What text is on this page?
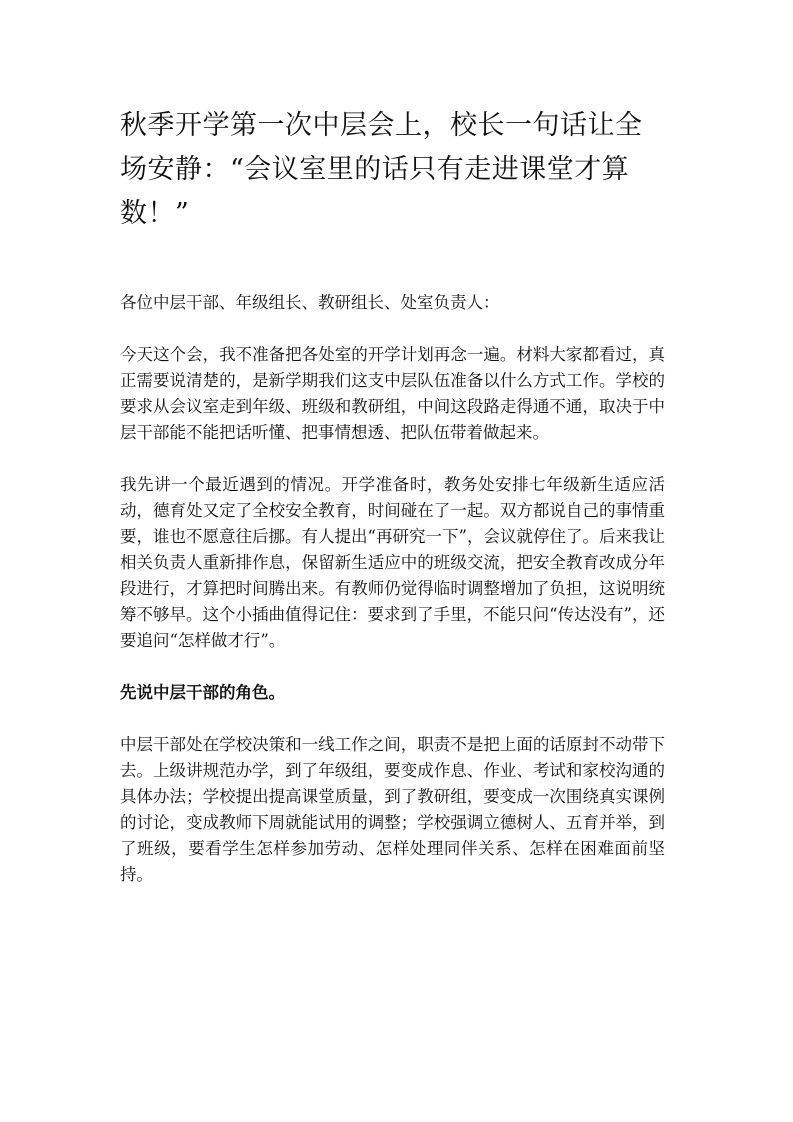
秋季开学第一次中层会上，校长一句话让全场安静：“会议室里的话只有走进课堂才算数！”

各位中层干部、年级组长、教研组长、处室负责人：

今天这个会，我不准备把各处室的开学计划再念一遍。材料大家都看过，真正需要说清楚的，是新学期我们这支中层队伍准备以什么方式工作。学校的要求从会议室走到年级、班级和教研组，中间这段路走得通不通，取决于中层干部能不能把话听懂、把事情想透、把队伍带着做起来。

我先讲一个最近遇到的情况。开学准备时，教务处安排七年级新生适应活动，德育处又定了全校安全教育，时间碰在了一起。双方都说自己的事情重要，谁也不愿意往后挪。有人提出“再研究一下”，会议就停住了。后来我让相关负责人重新排作息，保留新生适应中的班级交流，把安全教育改成分年段进行，才算把时间腾出来。有教师仍觉得临时调整增加了负担，这说明统筹不够早。这个小插曲值得记住：要求到了手里，不能只问“传达没有”，还要追问“怎样做才行”。

先说中层干部的角色。

中层干部处在学校决策和一线工作之间，职责不是把上面的话原封不动带下去。上级讲规范办学，到了年级组，要变成作息、作业、考试和家校沟通的具体办法；学校提出提高课堂质量，到了教研组，要变成一次围绕真实课例的讨论，变成教师下周就能试用的调整；学校强调立德树人、五育并举，到了班级，要看学生怎样参加劳动、怎样处理同伴关系、怎样在困难面前坚持。
